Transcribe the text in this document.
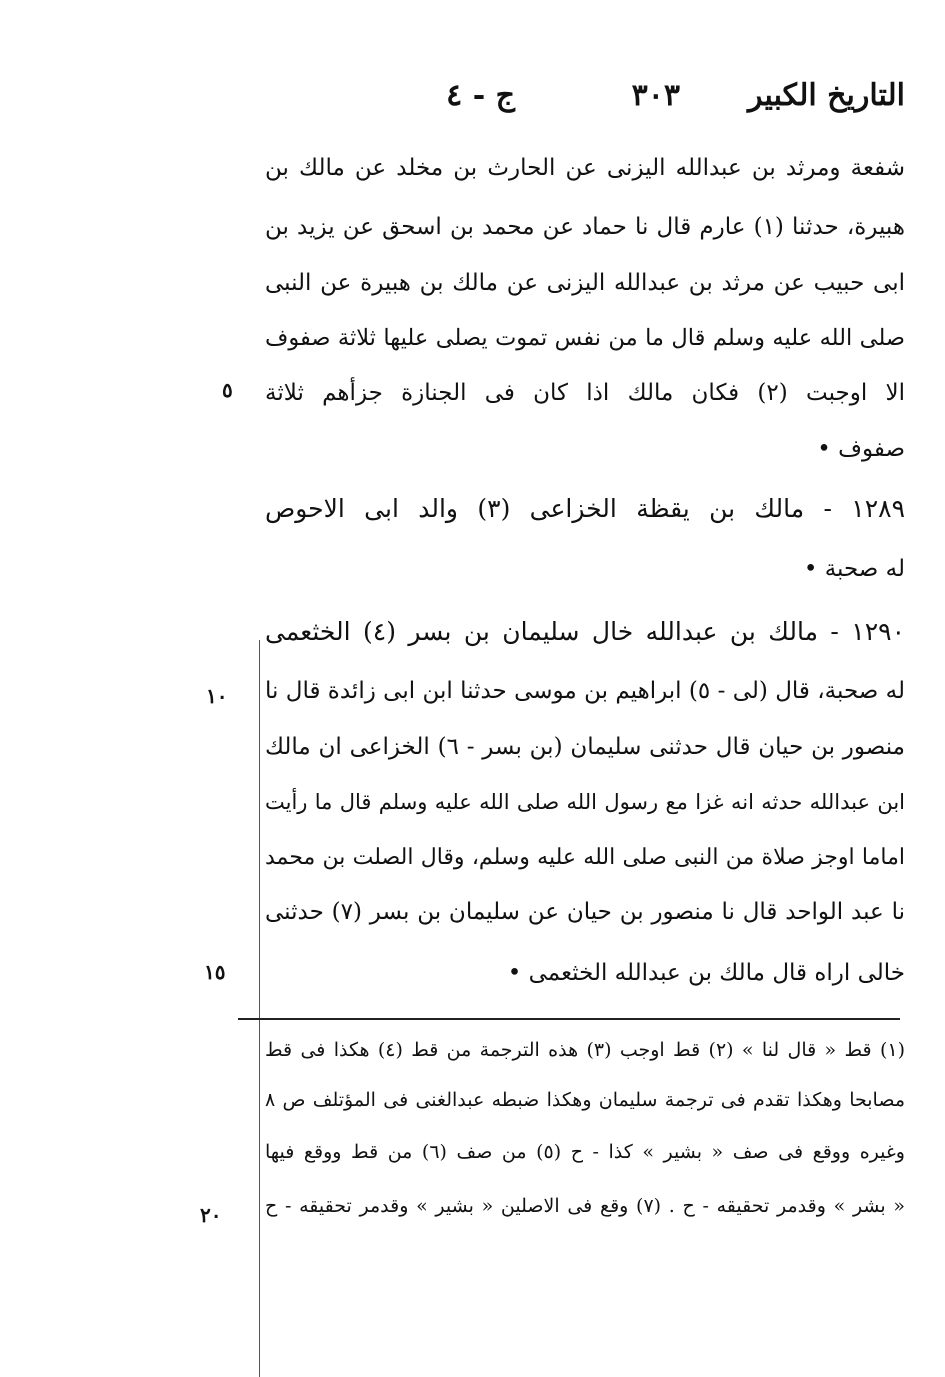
التاريخ الكبير
٣٠٣
ج - ٤
شفعة ومرثد بن عبدالله اليزنى عن الحارث بن مخلد عن مالك بن
هبيرة، حدثنا (١) عارم قال نا حماد عن محمد بن اسحق عن يزيد بن
ابى حبيب عن مرثد بن عبدالله اليزنى عن مالك بن هبيرة عن النبى
صلى الله عليه وسلم قال ما من نفس تموت يصلى عليها ثلاثة صفوف
الا اوجبت (٢) فكان مالك اذا كان فى الجنازة جزأهم ثلاثة
صفوف •
١٢٨٩ - مالك بن يقظة الخزاعى (٣) والد ابى الاحوص
له صحبة •
١٢٩٠ - مالك بن عبدالله خال سليمان بن بسر (٤) الخثعمى
له صحبة، قال (لى - ٥) ابراهيم بن موسى حدثنا ابن ابى زائدة قال نا
منصور بن حيان قال حدثنى سليمان (بن بسر - ٦) الخزاعى ان مالك
ابن عبدالله حدثه انه غزا مع رسول الله صلى الله عليه وسلم قال ما رأيت
اماما اوجز صلاة من النبى صلى الله عليه وسلم، وقال الصلت بن محمد
نا عبد الواحد قال نا منصور بن حيان عن سليمان بن بسر (٧) حدثنى
خالى اراه قال مالك بن عبدالله الخثعمى •
(١) قط « قال لنا » (٢) قط اوجب (٣) هذه الترجمة من قط (٤) هكذا فى قط
مصابحا وهكذا تقدم فى ترجمة سليمان وهكذا ضبطه عبدالغنى فى المؤتلف ص ٨
وغيره ووقع فى صف « بشير » كذا - ح (٥) من صف (٦) من قط ووقع فيها
« بشر » وقدمر تحقيقه - ح . (٧) وقع فى الاصلين « بشير » وقدمر تحقيقه - ح
٥
١٠
١٥
٢٠
